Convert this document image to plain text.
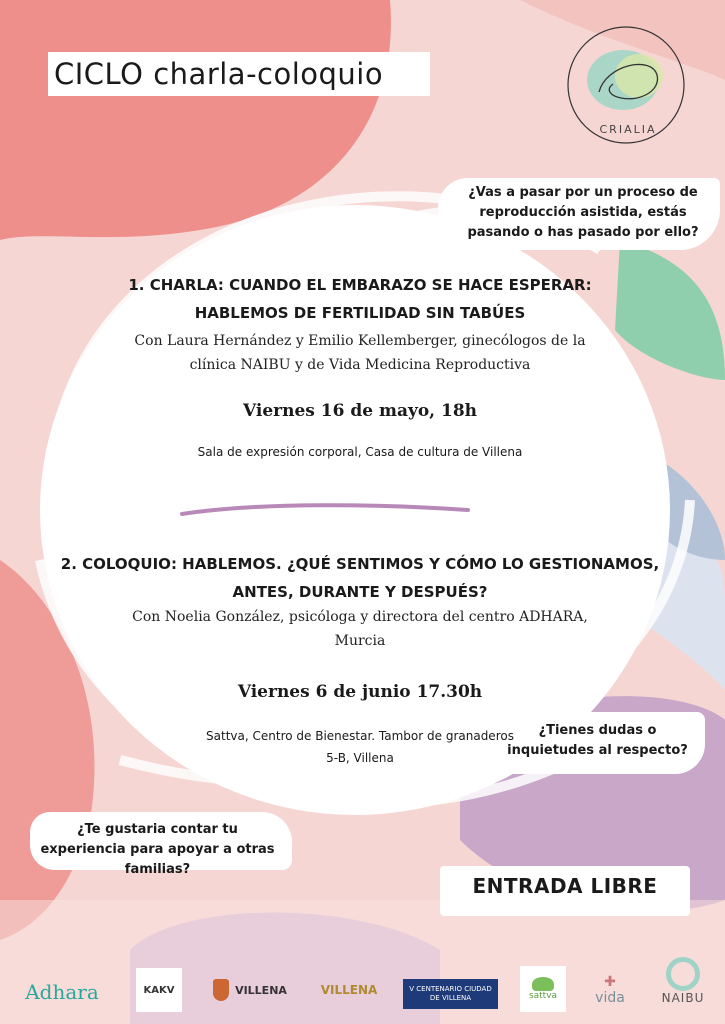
CICLO charla-coloquio
CRIALIA
¿Vas a pasar por un proceso de reproducción asistida, estás pasando o has pasado por ello?
¿Tienes dudas o inquietudes al respecto?
¿Te gustaria contar tu experiencia para apoyar a otras familias?
1. CHARLA: CUANDO EL EMBARAZO SE HACE ESPERAR:
HABLEMOS DE FERTILIDAD SIN TABÚES
Con Laura Hernández y Emilio Kellemberger, ginecólogos de la
clínica NAIBU y de Vida Medicina Reproductiva
Viernes 16 de mayo, 18h
Sala de expresión corporal, Casa de cultura de Villena
2. COLOQUIO: HABLEMOS. ¿QUÉ SENTIMOS Y CÓMO LO GESTIONAMOS,
ANTES, DURANTE Y DESPUÉS?
Con Noelia González, psicóloga y directora del centro ADHARA,
Murcia
Viernes 6 de junio 17.30h
Sattva, Centro de Bienestar. Tambor de granaderos
5-B, Villena
ENTRADA LIBRE
Adhara	KAKV	VILLENA	VILLENA	V CENTENARIO CIUDAD DE VILLENA	sattva
✚
vida	NAIBU
